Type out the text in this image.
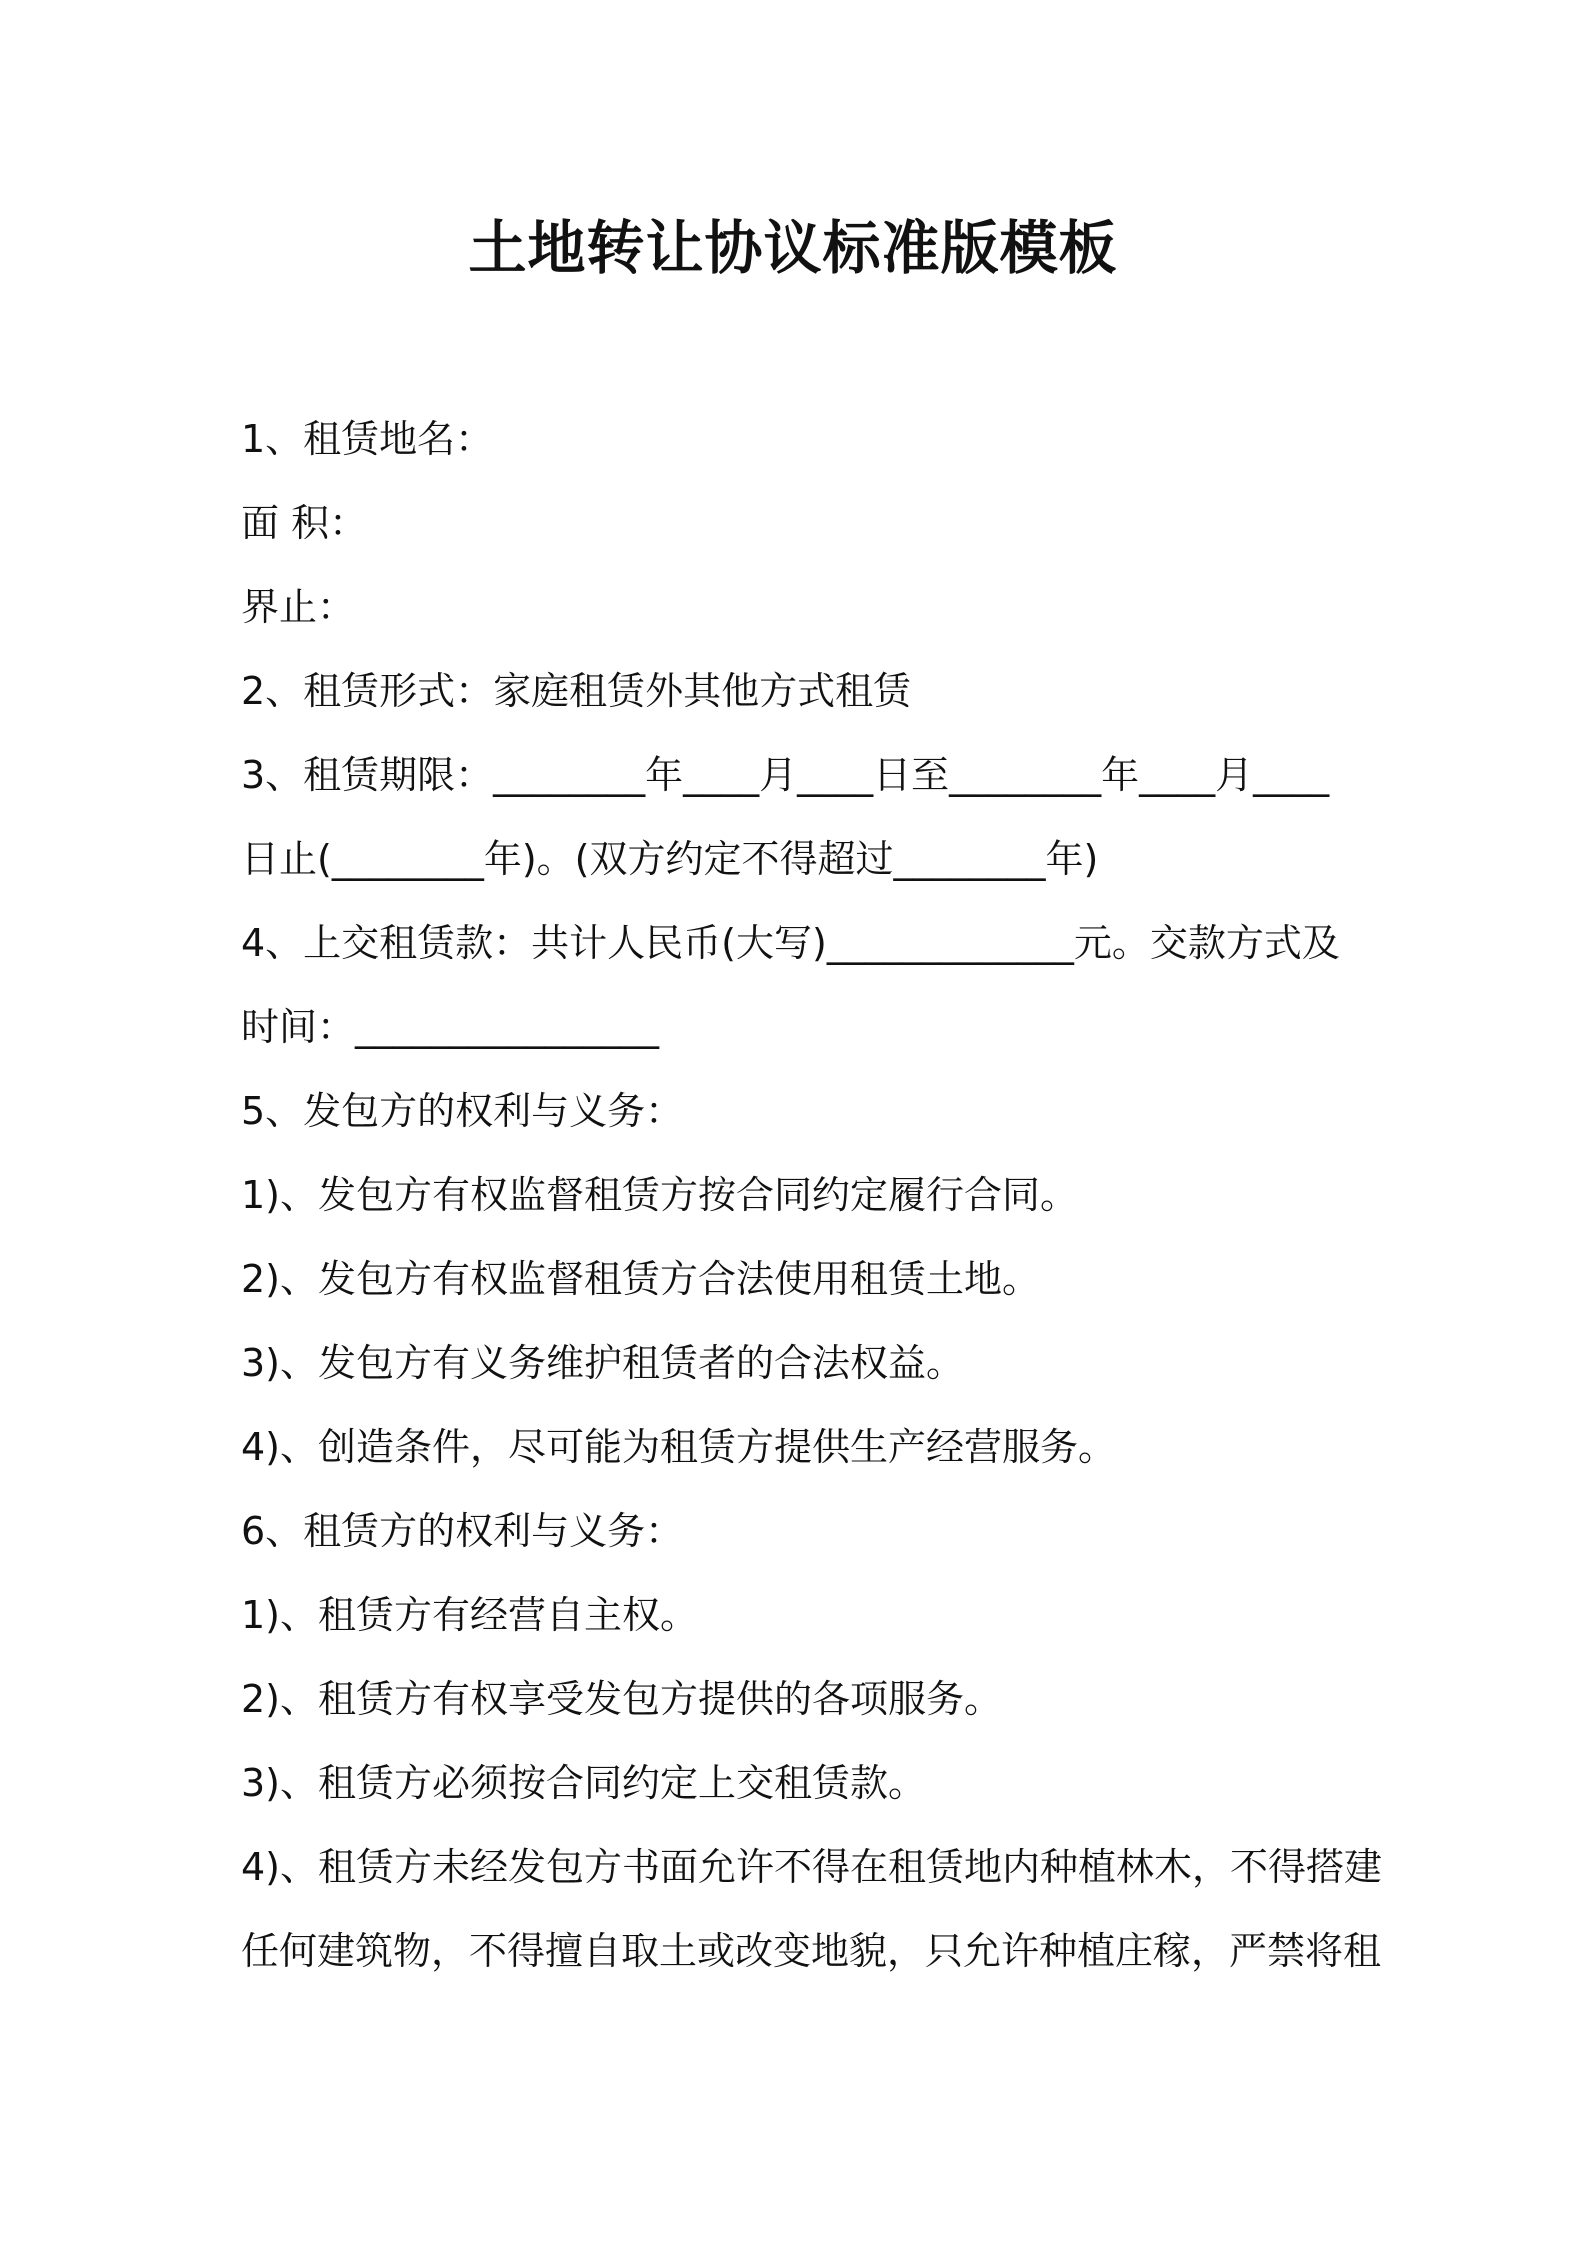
土地转让协议标准版模板

1、租赁地名：

面 积：

界止：

2、租赁形式：家庭租赁外其他方式租赁

3、租赁期限：________年____月____日至________年____月____

日止(________年)。(双方约定不得超过________年)

4、上交租赁款：共计人民币(大写)_____________元。交款方式及

时间：________________

5、发包方的权利与义务：

1)、发包方有权监督租赁方按合同约定履行合同。

2)、发包方有权监督租赁方合法使用租赁土地。

3)、发包方有义务维护租赁者的合法权益。

4)、创造条件，尽可能为租赁方提供生产经营服务。

6、租赁方的权利与义务：

1)、租赁方有经营自主权。

2)、租赁方有权享受发包方提供的各项服务。

3)、租赁方必须按合同约定上交租赁款。

4)、租赁方未经发包方书面允许不得在租赁地内种植林木，不得搭建

任何建筑物，不得擅自取土或改变地貌，只允许种植庄稼，严禁将租
